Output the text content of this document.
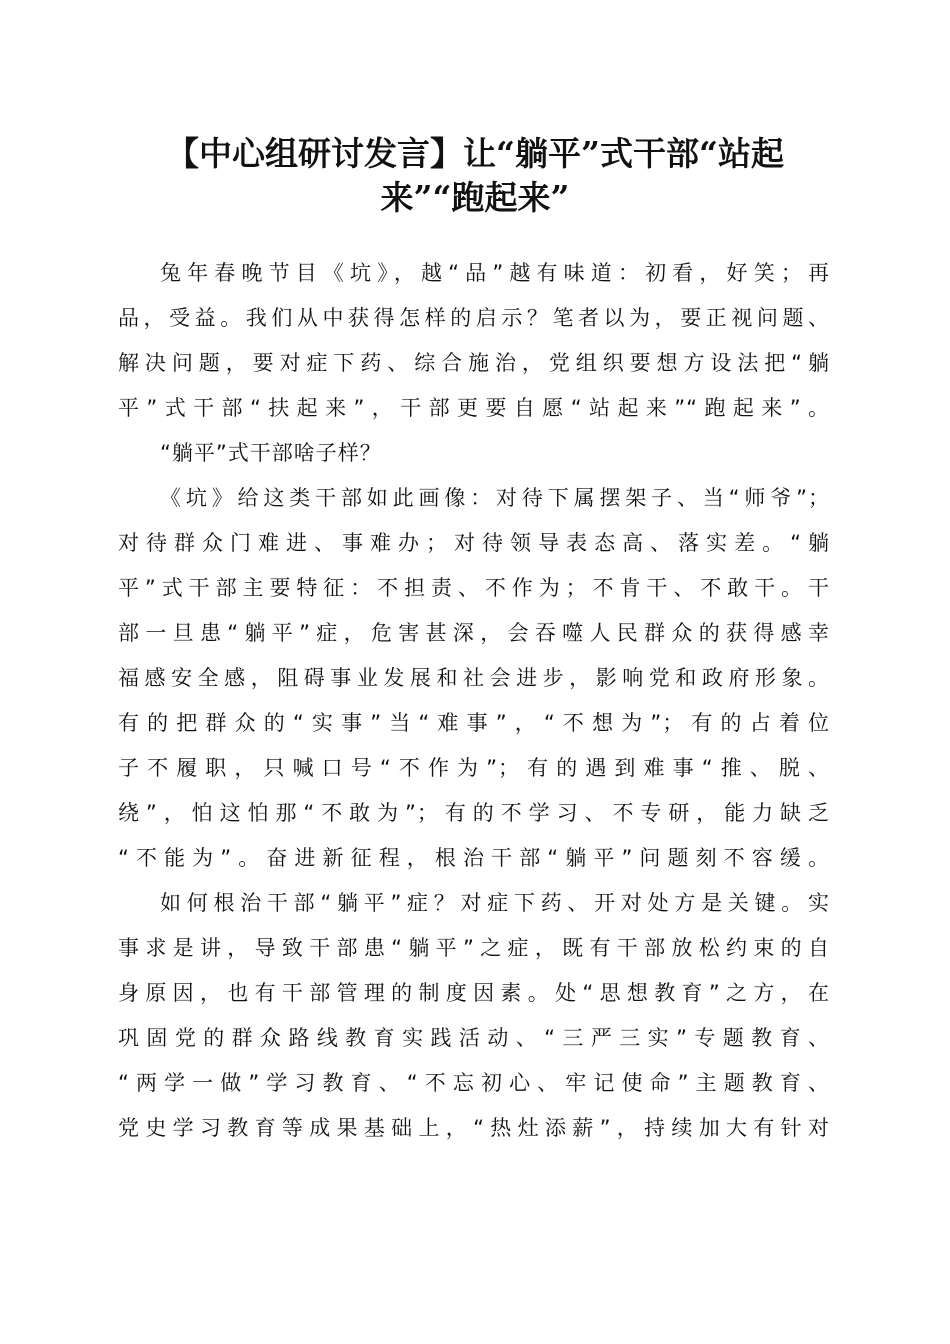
【中心组研讨发言】让“躺平”式干部“站起
来”“跑起来”
兔年春晚节目《坑》，越“品”越有味道：初看，好笑；再
品，受益。我们从中获得怎样的启示？笔者以为，要正视问题、
解决问题，要对症下药、综合施治，党组织要想方设法把“躺
平”式干部“扶起来”，干部更要自愿“站起来”“跑起来”。
“躺平”式干部啥子样？
《坑》给这类干部如此画像：对待下属摆架子、当“师爷”；
对待群众门难进、事难办；对待领导表态高、落实差。“躺
平”式干部主要特征：不担责、不作为；不肯干、不敢干。干
部一旦患“躺平”症，危害甚深，会吞噬人民群众的获得感幸
福感安全感，阻碍事业发展和社会进步，影响党和政府形象。
有的把群众的“实事”当“难事”，“不想为”；有的占着位
子不履职，只喊口号“不作为”；有的遇到难事“推、脱、
绕”，怕这怕那“不敢为”；有的不学习、不专研，能力缺乏
“不能为”。奋进新征程，根治干部“躺平”问题刻不容缓。
如何根治干部“躺平”症？对症下药、开对处方是关键。实
事求是讲，导致干部患“躺平”之症，既有干部放松约束的自
身原因，也有干部管理的制度因素。处“思想教育”之方，在
巩固党的群众路线教育实践活动、“三严三实”专题教育、
“两学一做”学习教育、“不忘初心、牢记使命”主题教育、
党史学习教育等成果基础上，“热灶添薪”，持续加大有针对
